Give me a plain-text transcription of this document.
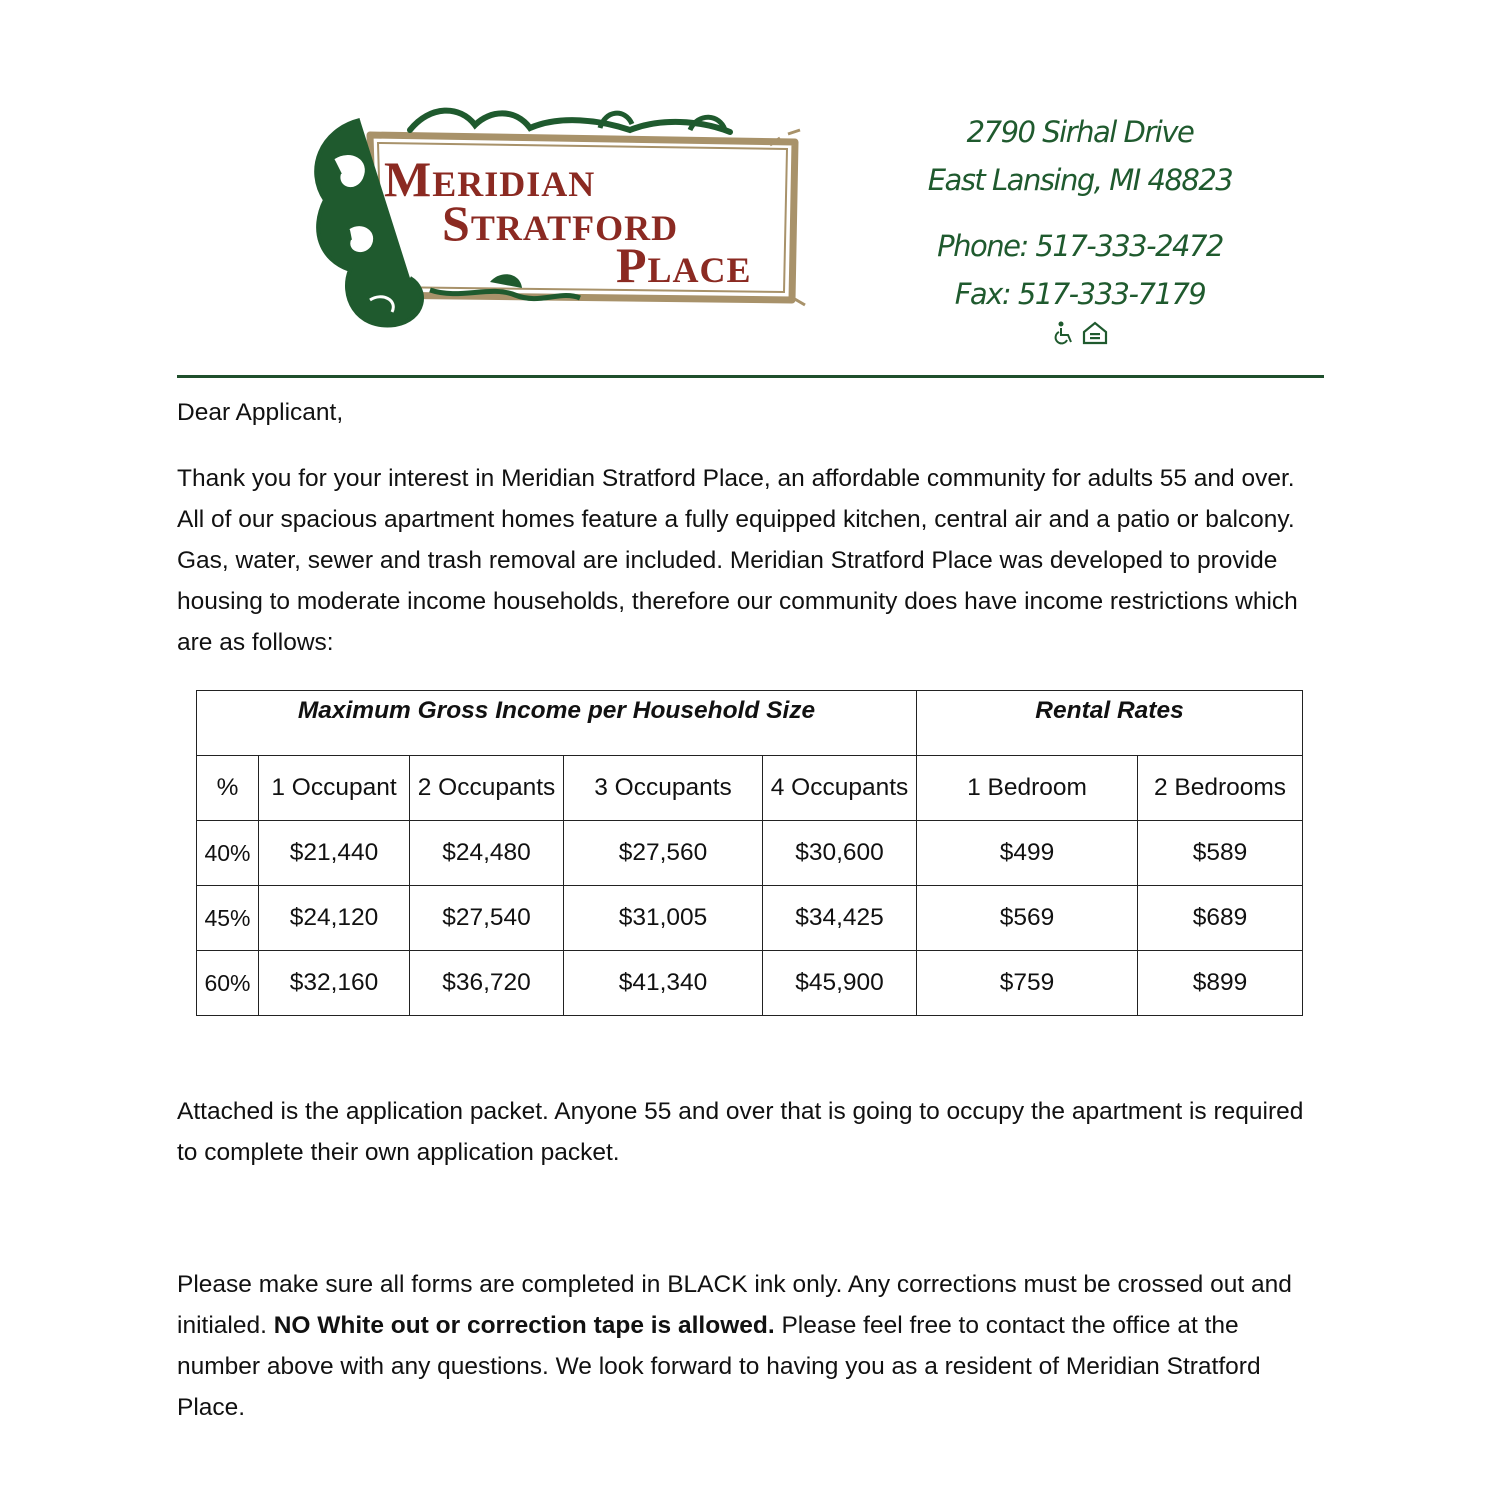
MERIDIAN
STRATFORD
PLACE
2790 Sirhal Drive
East Lansing, MI 48823
Phone: 517-333-2472
Fax: 517-333-7179

Dear Applicant,
Thank you for your interest in Meridian Stratford Place, an affordable community for adults 55 and over. All of our spacious apartment homes feature a fully equipped kitchen, central air and a patio or balcony. Gas, water, sewer and trash removal are included. Meridian Stratford Place was developed to provide housing to moderate income households, therefore our community does have income restrictions which are as follows:
Maximum Gross Income per Household Size					Rental Rates	
%	1 Occupant	2 Occupants	3 Occupants	4 Occupants	1 Bedroom	2 Bedrooms
40%	$21,440	$24,480	$27,560	$30,600	$499	$589
45%	$24,120	$27,540	$31,005	$34,425	$569	$689
60%	$32,160	$36,720	$41,340	$45,900	$759	$899
Attached is the application packet. Anyone 55 and over that is going to occupy the apartment is required to complete their own application packet.
Please make sure all forms are completed in BLACK ink only. Any corrections must be crossed out and initialed. NO White out or correction tape is allowed. Please feel free to contact the office at the number above with any questions. We look forward to having you as a resident of Meridian Stratford Place.
